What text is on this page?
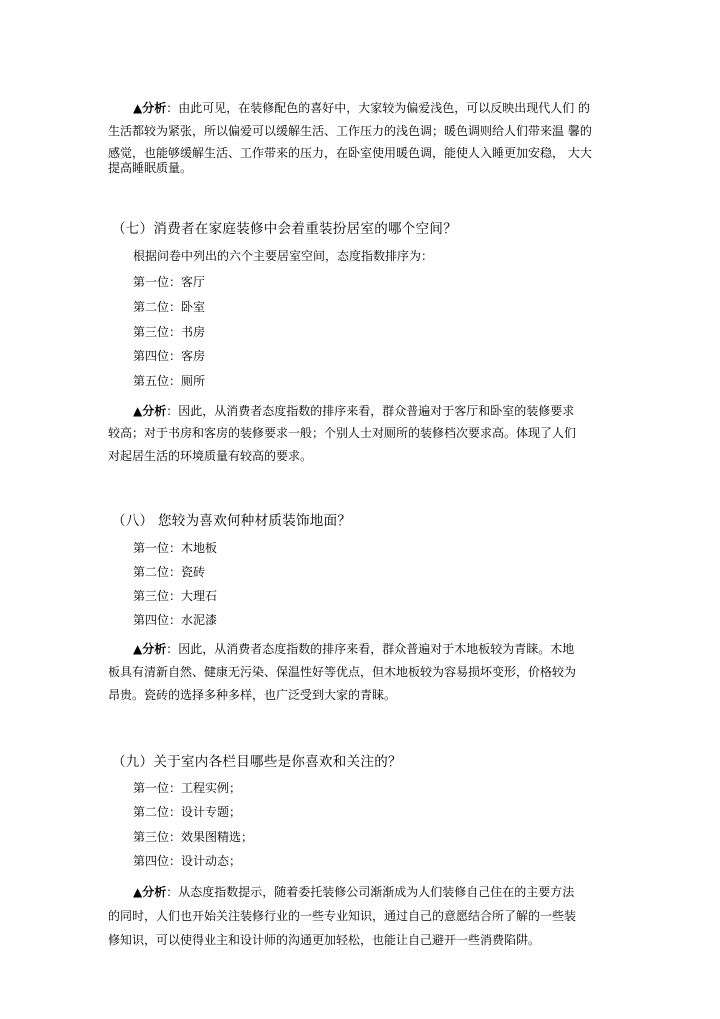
▲分析：由此可见，在装修配色的喜好中，大家较为偏爱浅色，可以反映出现代人们 的
生活都较为紧张，所以偏爱可以缓解生活、工作压力的浅色调；暖色调则给人们带来温 馨的
感觉，也能够缓解生活、工作带来的压力，在卧室使用暖色调，能使人入睡更加安稳， 大大
提高睡眠质量。
（七）消费者在家庭装修中会着重装扮居室的哪个空间？
根据问卷中列出的六个主要居室空间，态度指数排序为：
第一位：客厅
第二位：卧室
第三位：书房
第四位：客房
第五位：厕所
▲分析：因此，从消费者态度指数的排序来看，群众普遍对于客厅和卧室的装修要求
较高；对于书房和客房的装修要求一般；个别人士对厕所的装修档次要求高。体现了人们
对起居生活的环境质量有较高的要求。
（八） 您较为喜欢何种材质装饰地面？
第一位：木地板
第二位：瓷砖
第三位：大理石
第四位：水泥漆
▲分析：因此，从消费者态度指数的排序来看，群众普遍对于木地板较为青睐。木地
板具有清新自然、健康无污染、保温性好等优点，但木地板较为容易损坏变形，价格较为
昂贵。瓷砖的选择多种多样，也广泛受到大家的青睐。
（九）关于室内各栏目哪些是你喜欢和关注的？
第一位：工程实例；
第二位：设计专题；
第三位：效果图精选；
第四位：设计动态；
▲分析：从态度指数提示，随着委托装修公司渐渐成为人们装修自己住在的主要方法
的同时，人们也开始关注装修行业的一些专业知识，通过自己的意愿结合所了解的一些装
修知识，可以使得业主和设计师的沟通更加轻松，也能让自己避开一些消费陷阱。
